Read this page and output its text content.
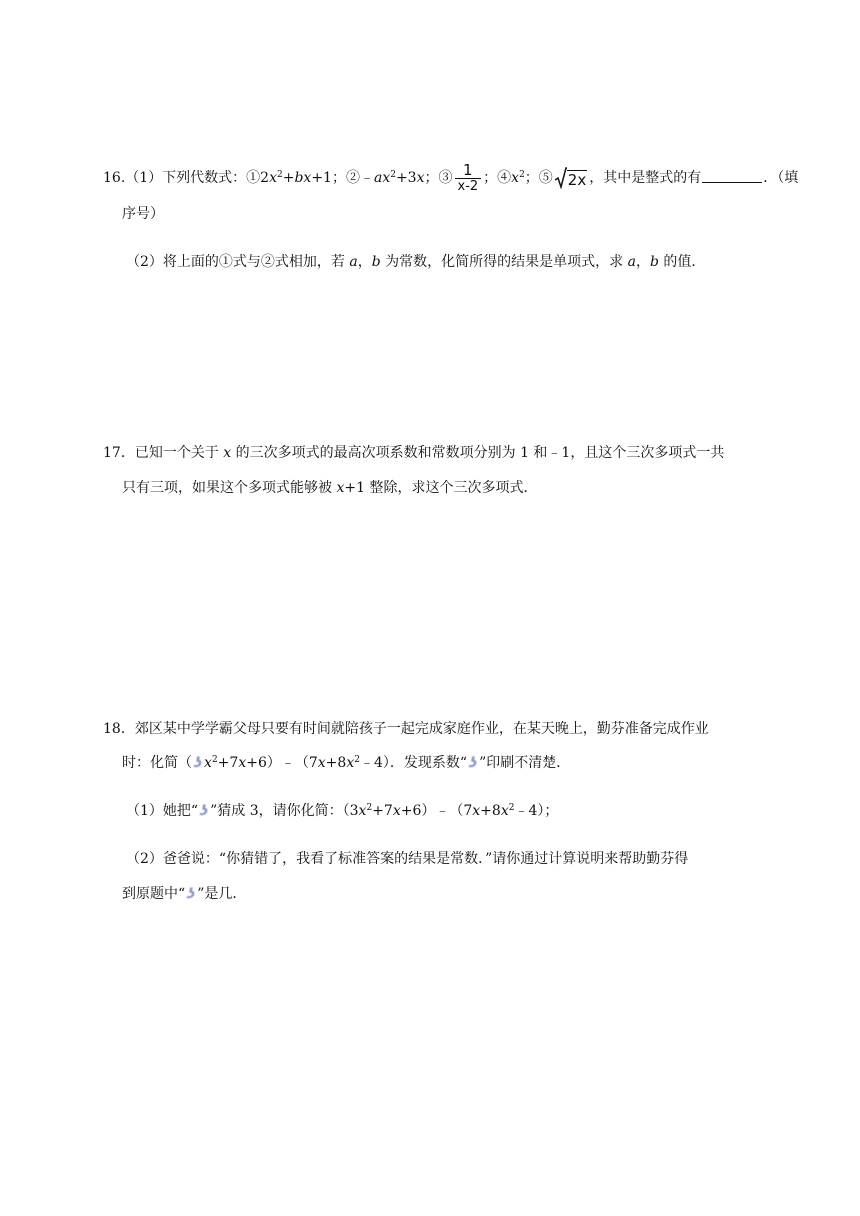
16.（1）下列代数式：$①2x^2+bx+1$；$②﹣ax^2+3x$；③ $\frac{1}{x-2}$ ；$④x^2$；⑤ 2x ，其中是整式的有	．（填
序号）
（2）将上面的①式与②式相加，若 a，b 为常数，化简所得的结果是单项式，求 a，b 的值．
17．已知一个关于 x 的三次多项式的最高次项系数和常数项分别为 1 和﹣1，且这个三次多项式一共
只有三项，如果这个多项式能够被 x+1 整除，求这个三次多项式．
18．郊区某中学学霸父母只要有时间就陪孩子一起完成家庭作业，在某天晚上，勤芬准备完成作业
时：化简$(ʖx^2+7x+6)﹣(7x+8x^2﹣4)$．发现系数“ʖ”印刷不清楚．
（1）她把“ʖ”猜成 3，请你化简：$(3x^2+7x+6)﹣(7x+8x^2﹣4)$；
（2）爸爸说：“你猜错了，我看了标准答案的结果是常数．”请你通过计算说明来帮助勤芬得
到原题中“ʖ”是几．
